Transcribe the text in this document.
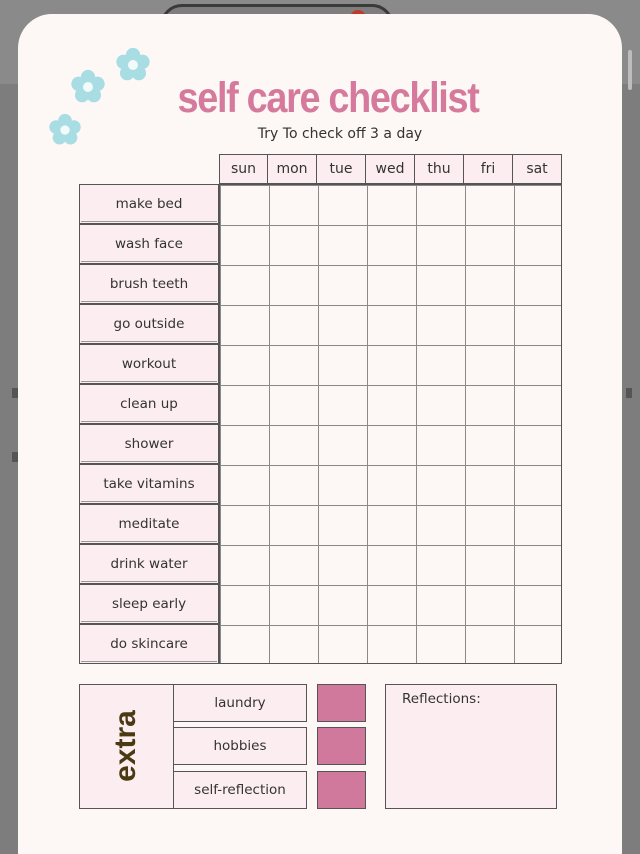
self care checklist
Try To check off 3 a day
sun	mon	tue	wed	thu	fri	sat
make bed
wash face
brush teeth
go outside
workout
clean up
shower
take vitamins
meditate
drink water
sleep early
do skincare
extra
laundry
hobbies
self-reflection
Reflections:
